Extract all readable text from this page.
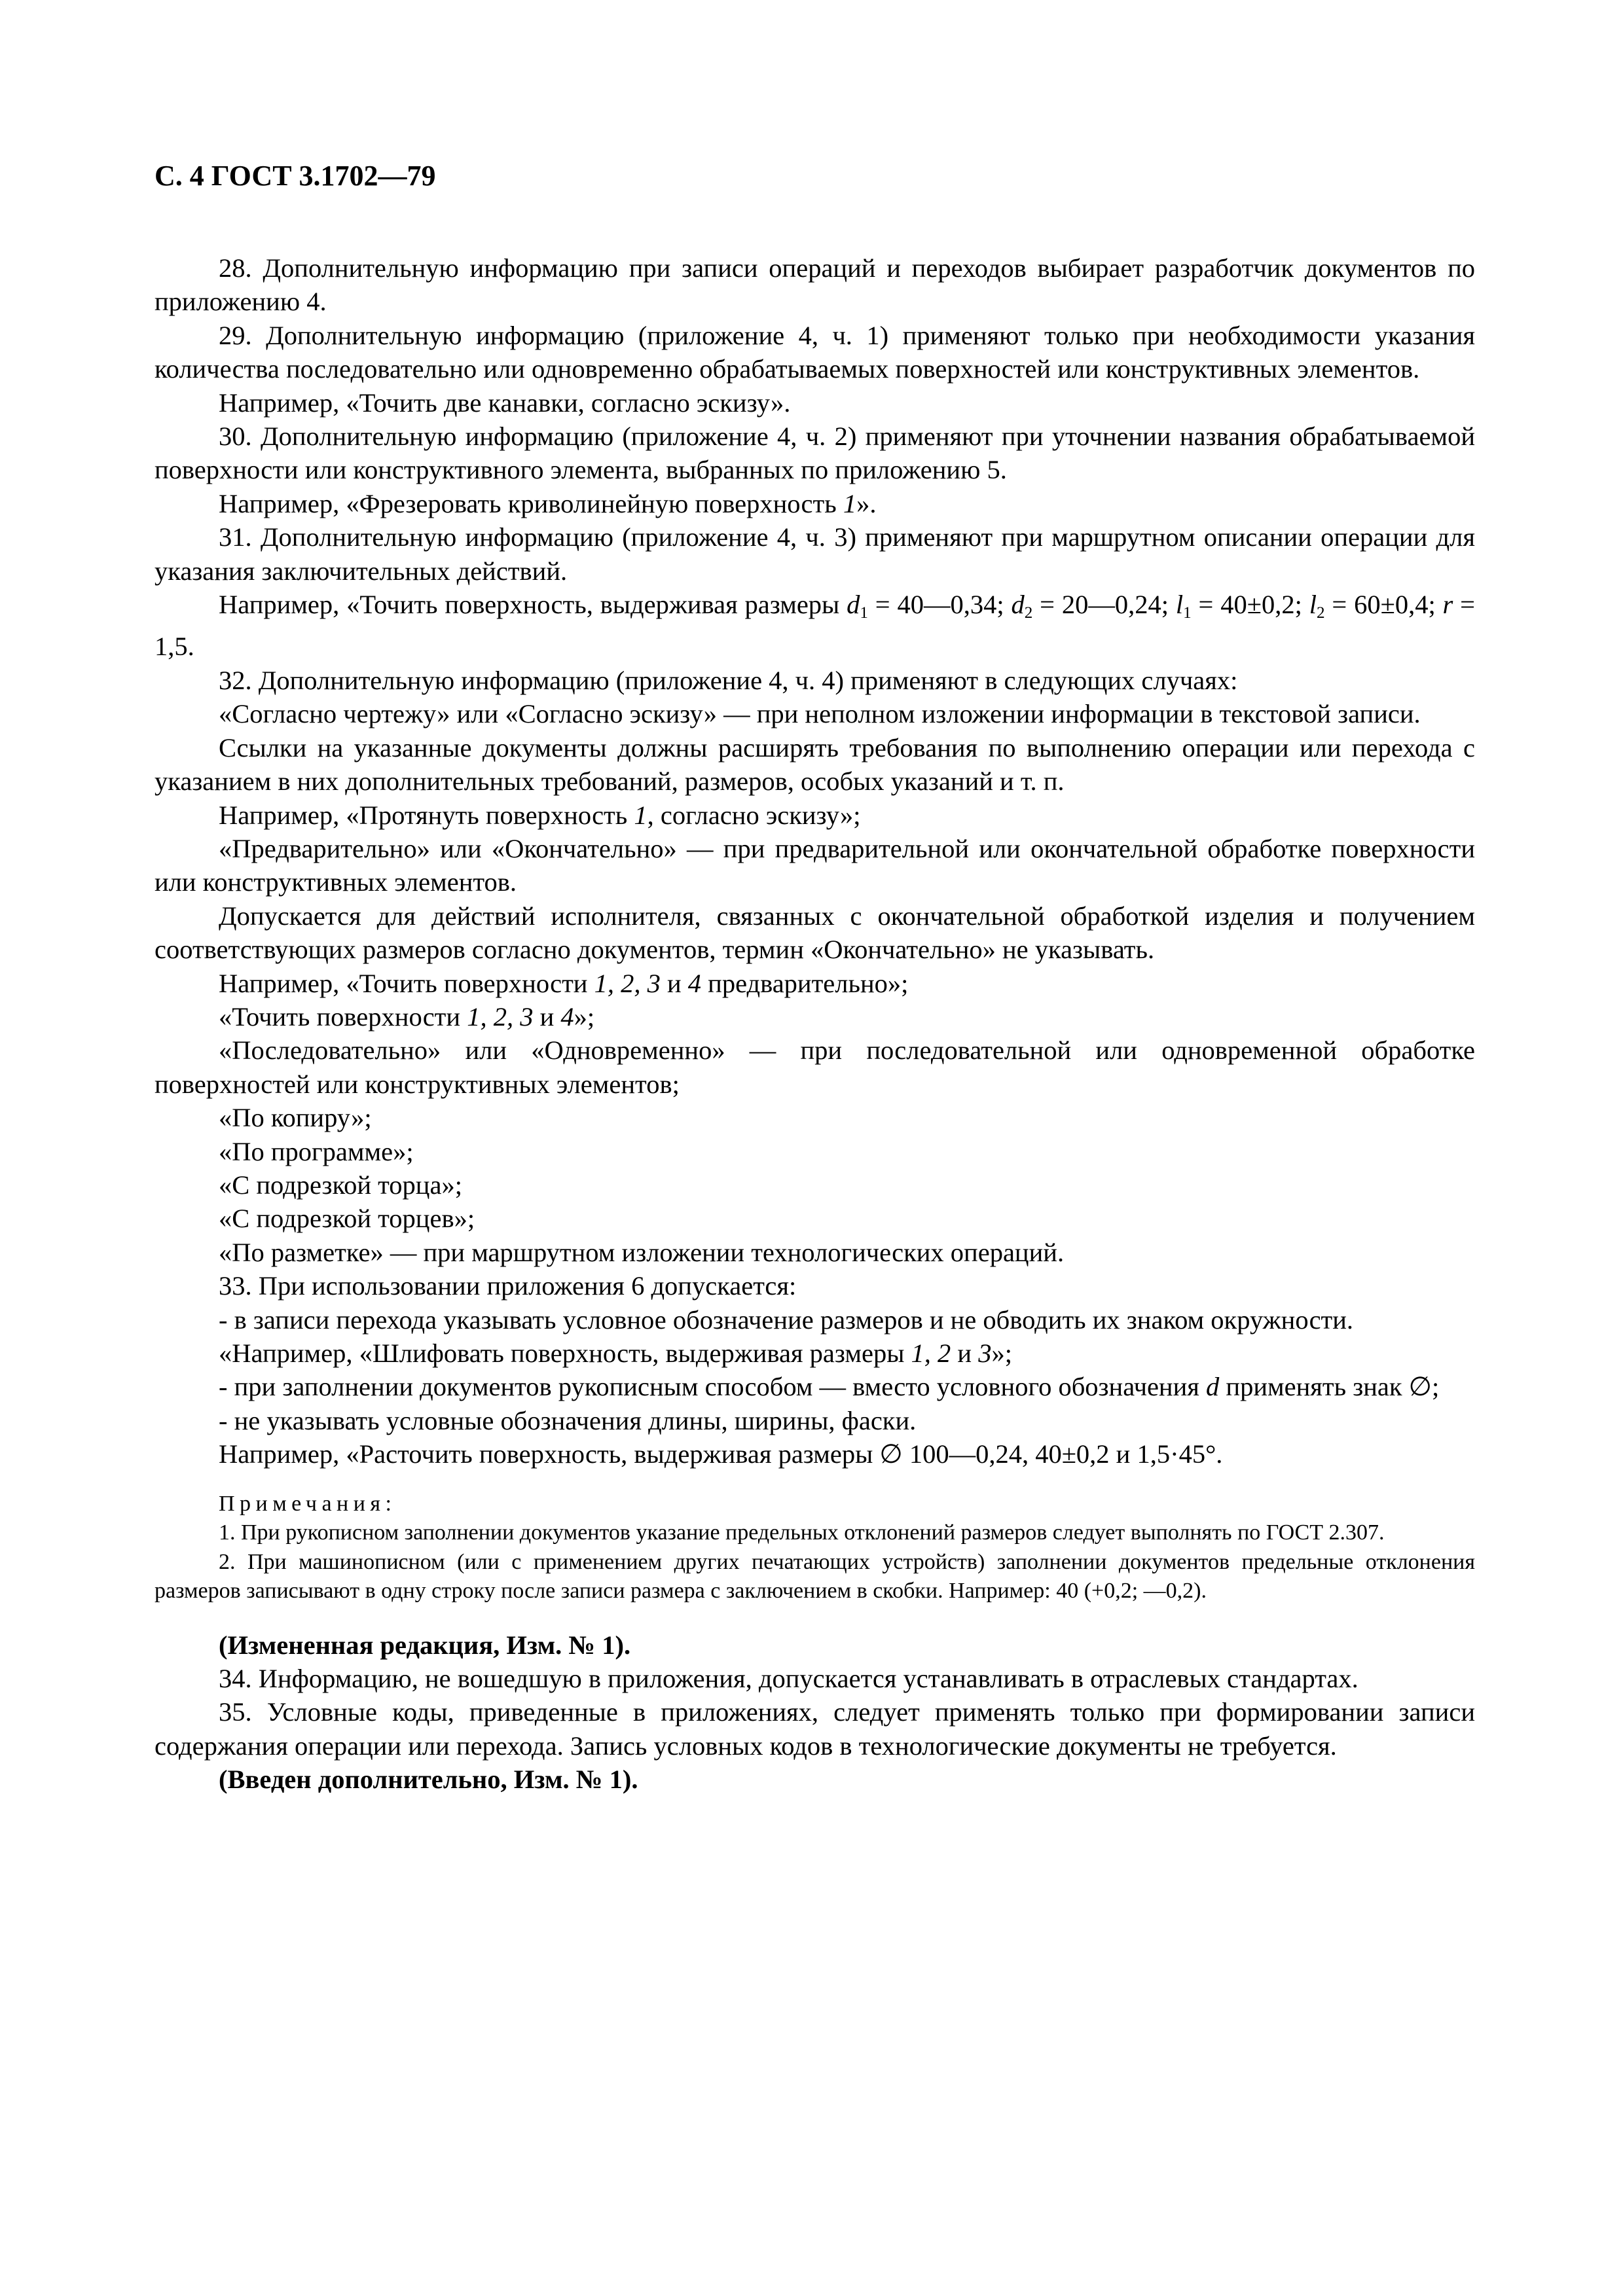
С. 4 ГОСТ 3.1702—79

28. Дополнительную информацию при записи операций и переходов выбирает разработчик документов по приложению 4.

29. Дополнительную информацию (приложение 4, ч. 1) применяют только при необходимости указания количества последовательно или одновременно обрабатываемых поверхностей или конструктивных элементов.

Например, «Точить две канавки, согласно эскизу».

30. Дополнительную информацию (приложение 4, ч. 2) применяют при уточнении названия обрабатываемой поверхности или конструктивного элемента, выбранных по приложению 5.

Например, «Фрезеровать криволинейную поверхность 1».

31. Дополнительную информацию (приложение 4, ч. 3) применяют при маршрутном описании операции для указания заключительных действий.

Например, «Точить поверхность, выдерживая размеры $d_1$ = 40—0,34; $d_2$ = 20—0,24; $l_1 = 40\pm 0,2$; $l_2 = 60\pm 0,4$; r = 1,5.

32. Дополнительную информацию (приложение 4, ч. 4) применяют в следующих случаях:

«Согласно чертежу» или «Согласно эскизу» — при неполном изложении информации в текстовой записи.

Ссылки на указанные документы должны расширять требования по выполнению операции или перехода с указанием в них дополнительных требований, размеров, особых указаний и т. п.

Например, «Протянуть поверхность 1, согласно эскизу»;

«Предварительно» или «Окончательно» — при предварительной или окончательной обработке поверхности или конструктивных элементов.

Допускается для действий исполнителя, связанных с окончательной обработкой изделия и получением соответствующих размеров согласно документов, термин «Окончательно» не указывать.

Например, «Точить поверхности 1, 2, 3 и 4 предварительно»;

«Точить поверхности 1, 2, 3 и 4»;

«Последовательно» или «Одновременно» — при последовательной или одновременной обработке поверхностей или конструктивных элементов;

«По копиру»;

«По программе»;

«С подрезкой торца»;

«С подрезкой торцев»;

«По разметке» — при маршрутном изложении технологических операций.

33. При использовании приложения 6 допускается:

- в записи перехода указывать условное обозначение размеров и не обводить их знаком окружности.

«Например, «Шлифовать поверхность, выдерживая размеры 1, 2 и 3»;

- при заполнении документов рукописным способом — вместо условного обозначения d применять знак ∅;

- не указывать условные обозначения длины, ширины, фаски.

Например, «Расточить поверхность, выдерживая размеры ∅ 100—0,24, 40±0,2 и 1,5·45°.

Примечания:

1. При рукописном заполнении документов указание предельных отклонений размеров следует выполнять по ГОСТ 2.307.

2. При машинописном (или с применением других печатающих устройств) заполнении документов предельные отклонения размеров записывают в одну строку после записи размера с заключением в скобки. Например: 40 (+0,2; —0,2).

(Измененная редакция, Изм. № 1).

34. Информацию, не вошедшую в приложения, допускается устанавливать в отраслевых стандартах.

35. Условные коды, приведенные в приложениях, следует применять только при формировании записи содержания операции или перехода. Запись условных кодов в технологические документы не требуется.

(Введен дополнительно, Изм. № 1).
